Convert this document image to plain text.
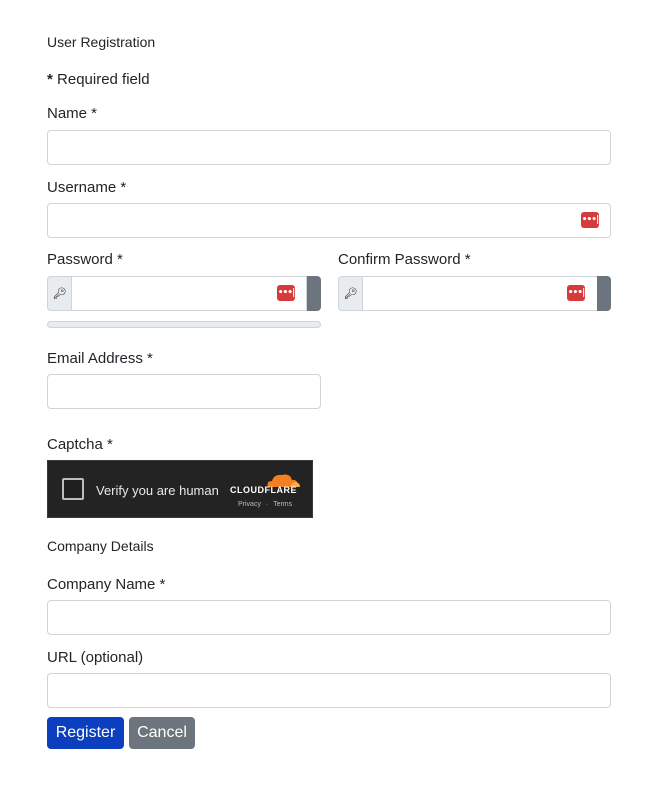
User Registration
* Required field
Name *
Username *
•••|
Password *
🔑︎	•••|
Confirm Password *
🔑︎	•••|
Email Address *
Captcha *
Verify you are human CLOUDFLARE
Privacy · Terms
Company Details
Company Name *
URL (optional)
Register	Cancel
